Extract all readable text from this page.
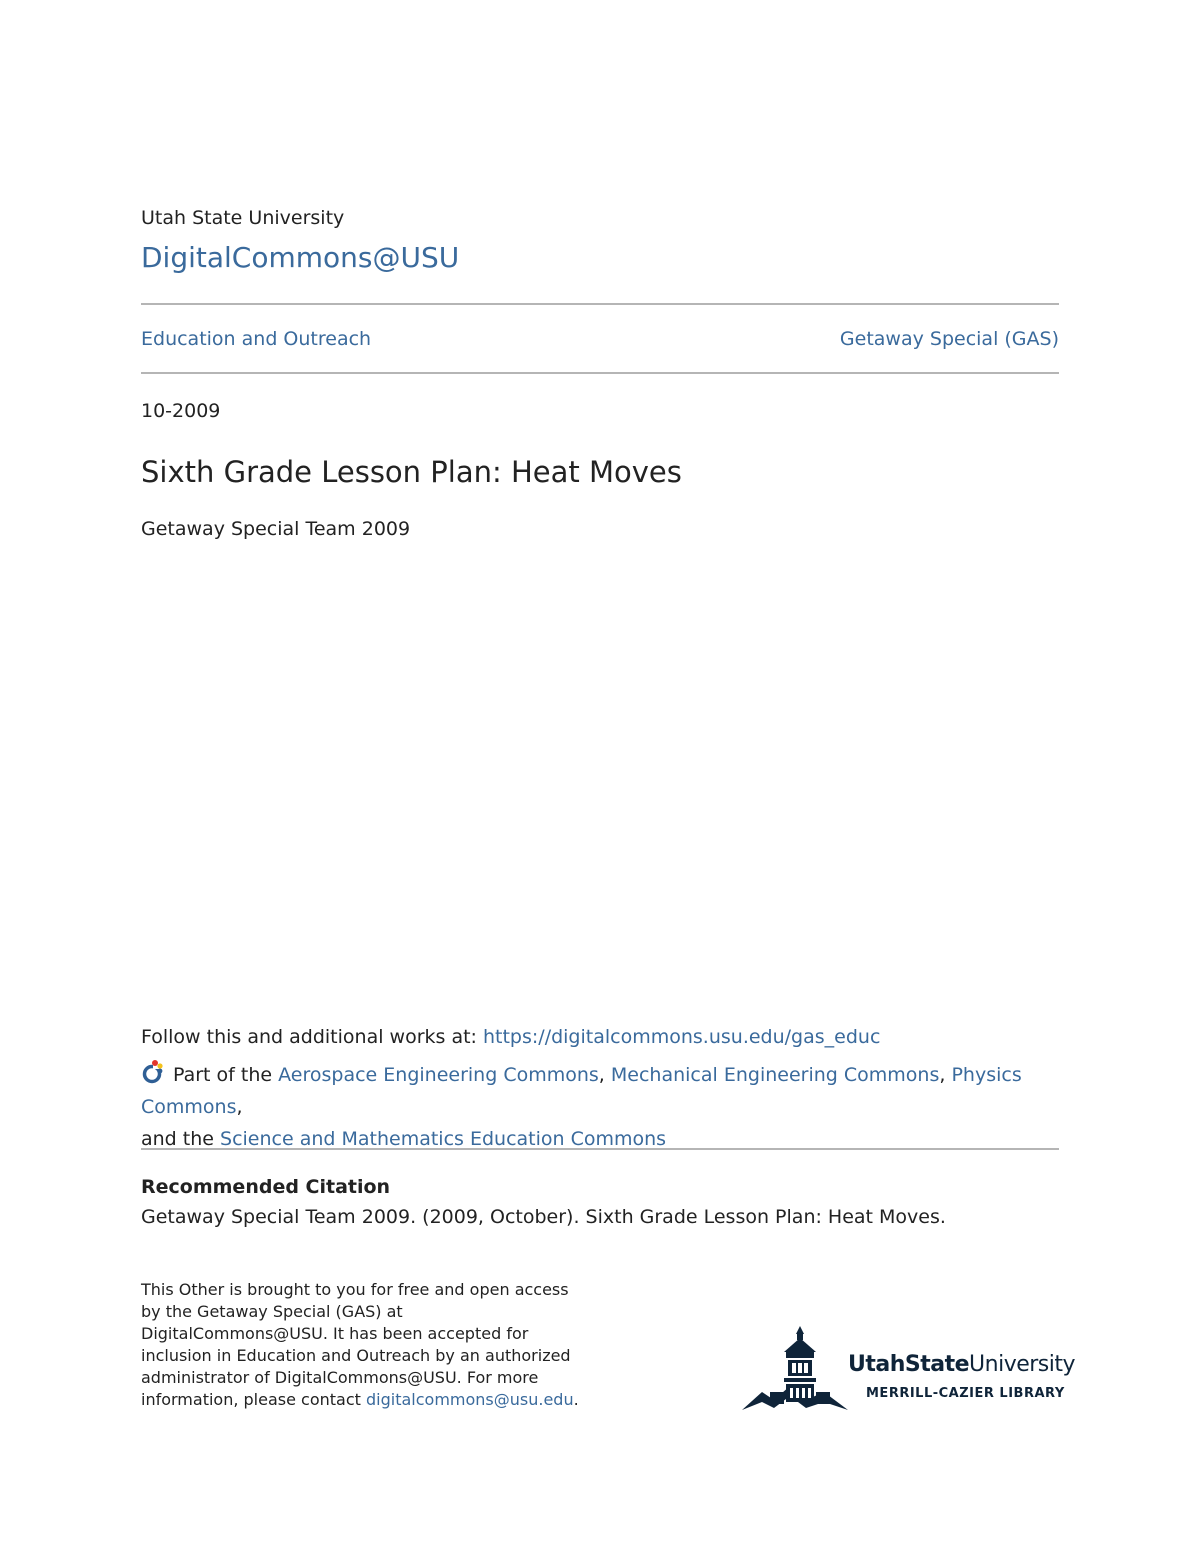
Utah State University
DigitalCommons@USU
Education and Outreach	Getaway Special (GAS)
10-2009
Sixth Grade Lesson Plan: Heat Moves
Getaway Special Team 2009
Follow this and additional works at: https://digitalcommons.usu.edu/gas_educ
Part of the Aerospace Engineering Commons, Mechanical Engineering Commons, Physics Commons,
and the Science and Mathematics Education Commons
Recommended Citation
Getaway Special Team 2009. (2009, October). Sixth Grade Lesson Plan: Heat Moves.
This Other is brought to you for free and open access by the Getaway Special (GAS) at DigitalCommons@USU. It has been accepted for inclusion in Education and Outreach by an authorized administrator of DigitalCommons@USU. For more information, please contact digitalcommons@usu.edu.
UtahStateUniversity
MERRILL-CAZIER LIBRARY
